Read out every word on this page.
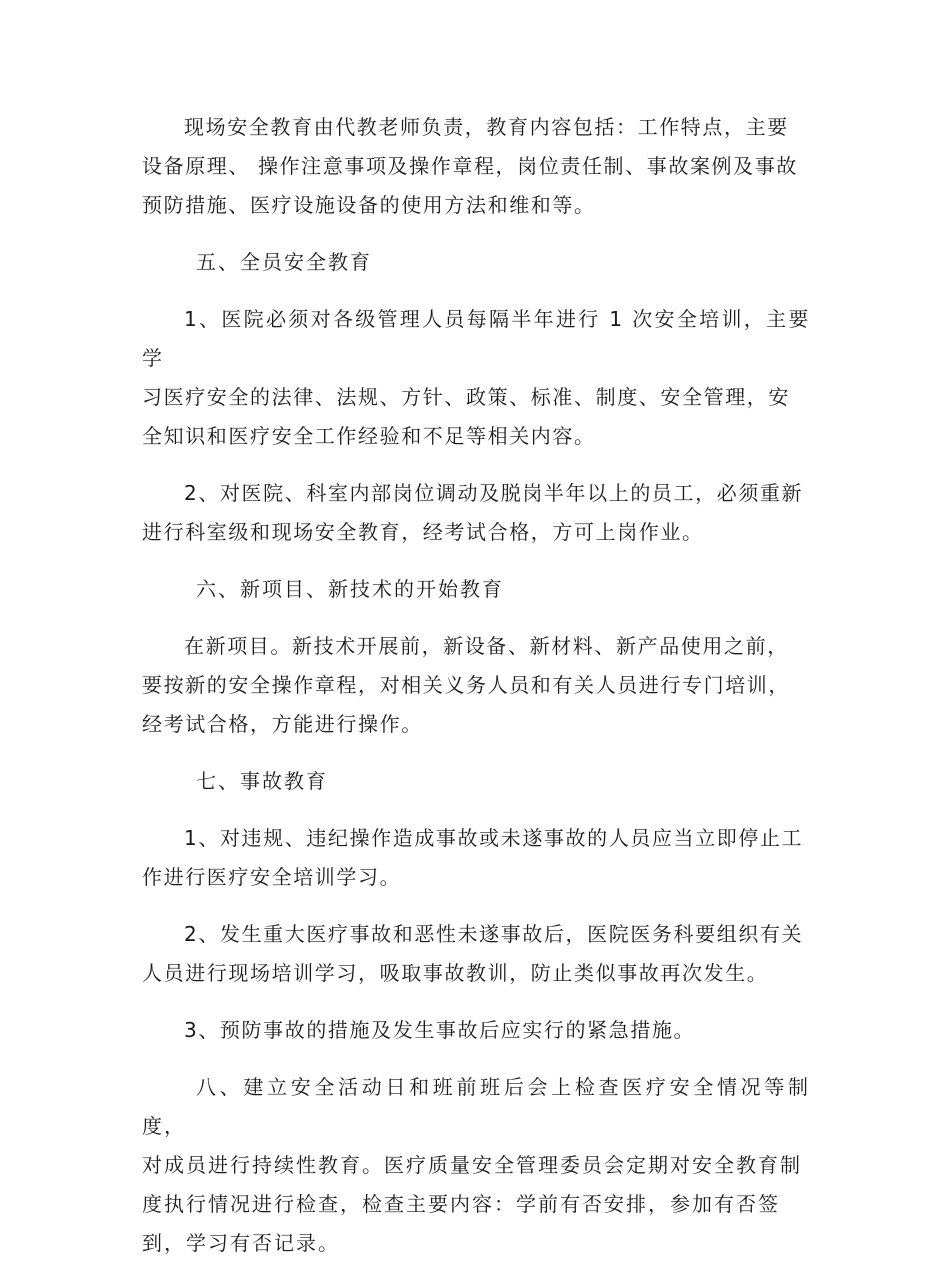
现场安全教育由代教老师负责，教育内容包括：工作特点，主要
设备原理、 操作注意事项及操作章程，岗位责任制、事故案例及事故
预防措施、医疗设施设备的使用方法和维和等。

五、全员安全教育

1、医院必须对各级管理人员每隔半年进行 1 次安全培训，主要学
习医疗安全的法律、法规、方针、政策、标准、制度、安全管理，安
全知识和医疗安全工作经验和不足等相关内容。

2、对医院、科室内部岗位调动及脱岗半年以上的员工，必须重新
进行科室级和现场安全教育，经考试合格，方可上岗作业。

六、新项目、新技术的开始教育

在新项目。新技术开展前，新设备、新材料、新产品使用之前，
要按新的安全操作章程，对相关义务人员和有关人员进行专门培训，
经考试合格，方能进行操作。

七、事故教育

1、对违规、违纪操作造成事故或未遂事故的人员应当立即停止工
作进行医疗安全培训学习。

2、发生重大医疗事故和恶性未遂事故后，医院医务科要组织有关
人员进行现场培训学习，吸取事故教训，防止类似事故再次发生。

3、预防事故的措施及发生事故后应实行的紧急措施。

八、建立安全活动日和班前班后会上检查医疗安全情况等制度，
对成员进行持续性教育。医疗质量安全管理委员会定期对安全教育制
度执行情况进行检查，检查主要内容：学前有否安排，参加有否签
到，学习有否记录。
